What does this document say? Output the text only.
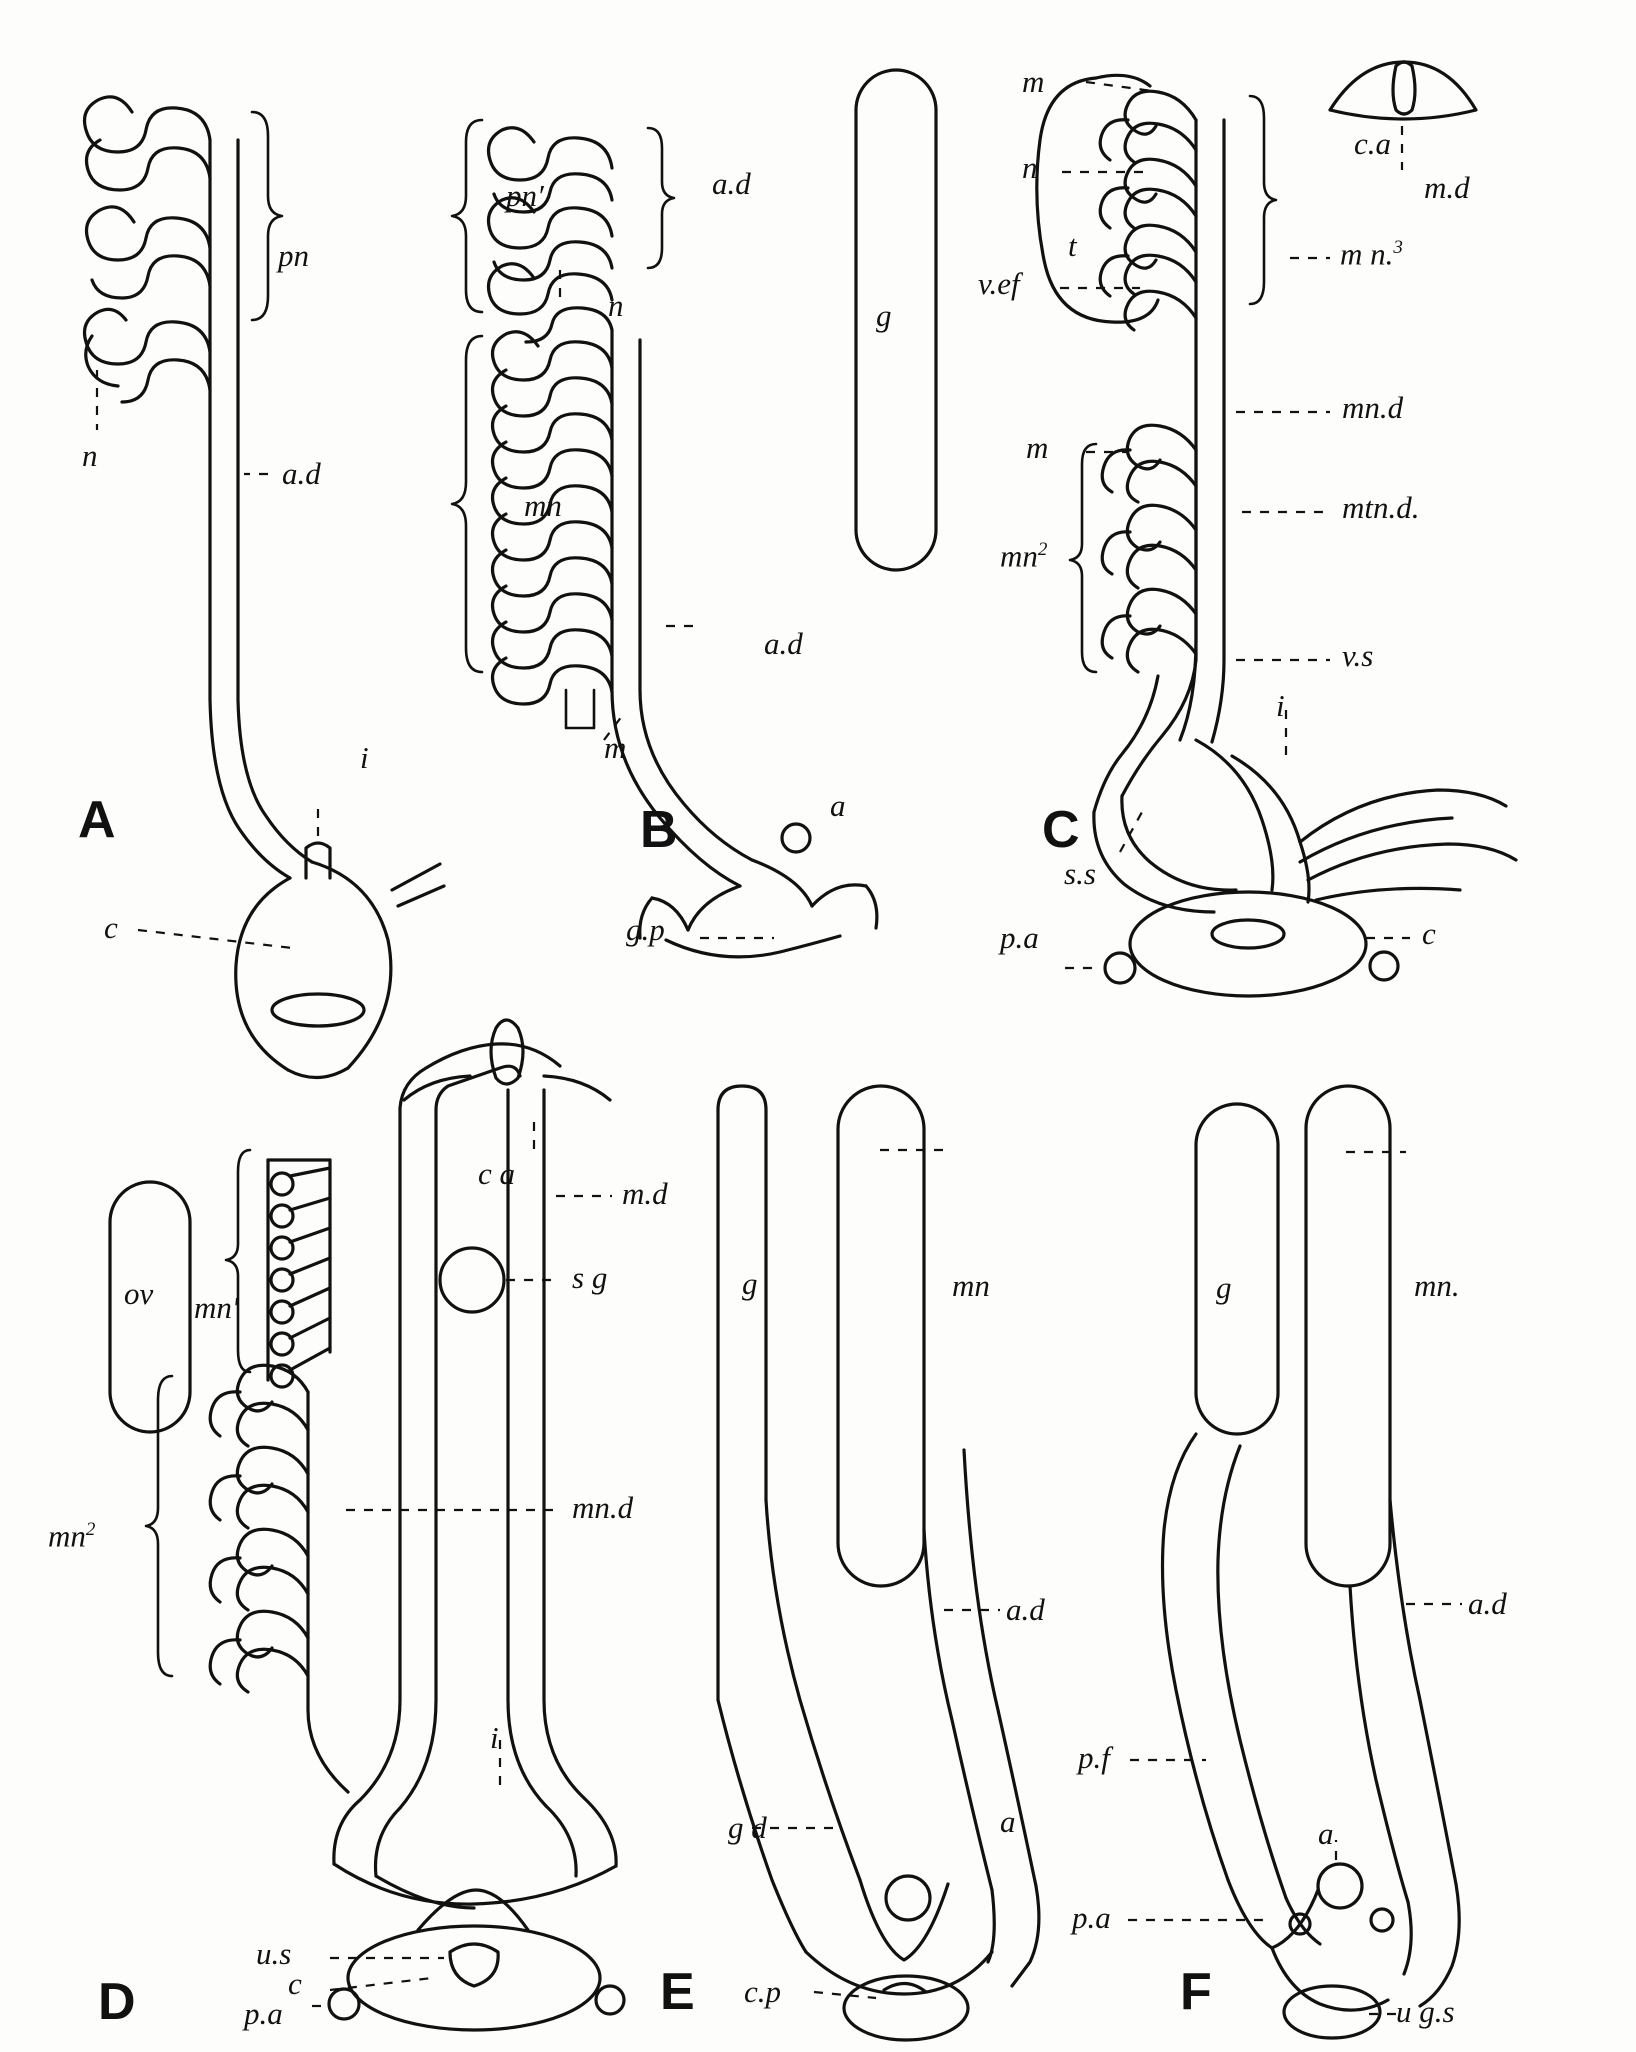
A	B	C
D	E	F
pn
n
a.d
i
c
pn′	a.d
n
mn
m
a.d
g
a
g.p
m
n
t
v.ef
c.a
m.d
m n.$^3$
mn.d
m
$mn^2$
mtn.d.
v.s
i
s.s
p.a	c
ov mn′
$mn^2$
c a
m.d
s g
mn.d
i
u.s
c
p.a
g	mn
a.d
a
g d
c.p
g	mn.
a.d
p.f
a
p.a
u g.s
